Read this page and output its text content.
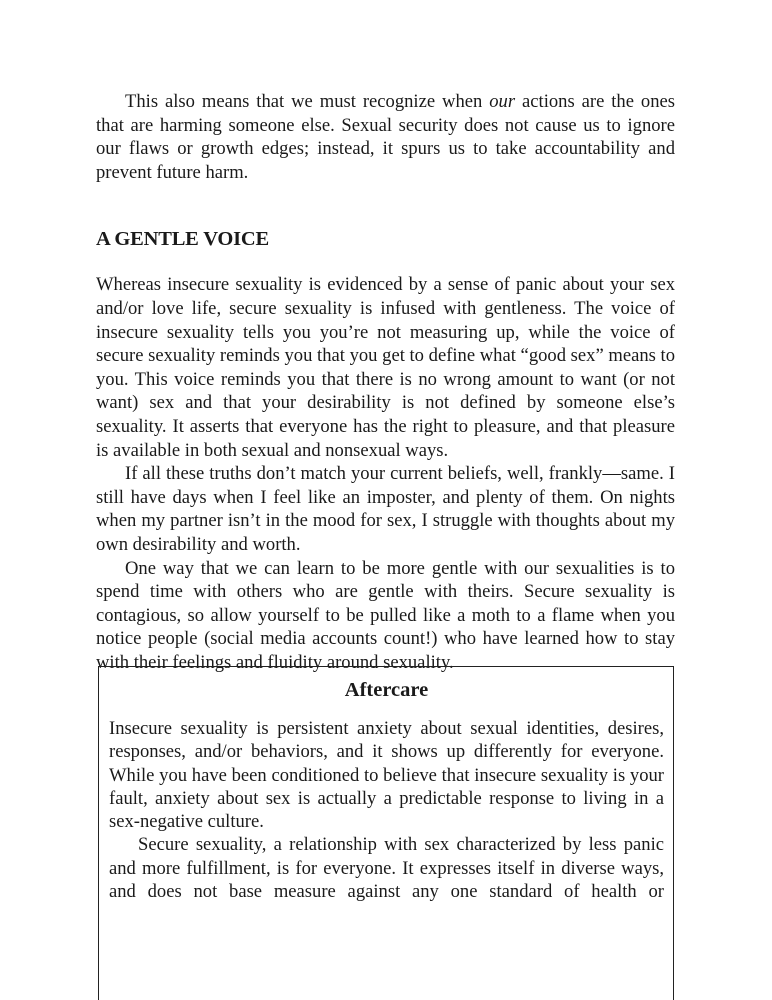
This also means that we must recognize when our actions are the ones that are harming someone else. Sexual security does not cause us to ignore our flaws or growth edges; instead, it spurs us to take accountability and prevent future harm.

A GENTLE VOICE

Whereas insecure sexuality is evidenced by a sense of panic about your sex and/or love life, secure sexuality is infused with gentleness. The voice of insecure sexuality tells you you’re not measuring up, while the voice of secure sexuality reminds you that you get to define what “good sex” means to you. This voice reminds you that there is no wrong amount to want (or not want) sex and that your desirability is not defined by someone else’s sexuality. It asserts that everyone has the right to pleasure, and that pleasure is available in both sexual and nonsexual ways.

If all these truths don’t match your current beliefs, well, frankly—same. I still have days when I feel like an imposter, and plenty of them. On nights when my partner isn’t in the mood for sex, I struggle with thoughts about my own desirability and worth.

One way that we can learn to be more gentle with our sexualities is to spend time with others who are gentle with theirs. Secure sexuality is contagious, so allow yourself to be pulled like a moth to a flame when you notice people (social media accounts count!) who have learned how to stay with their feelings and fluidity around sexuality.

Aftercare

Insecure sexuality is persistent anxiety about sexual identities, desires, responses, and/or behaviors, and it shows up differently for everyone. While you have been conditioned to believe that insecure sexuality is your fault, anxiety about sex is actually a predictable response to living in a sex-negative culture.

Secure sexuality, a relationship with sex characterized by less panic and more fulfillment, is for everyone. It expresses itself in diverse ways, and does not base measure against any one standard of health or
